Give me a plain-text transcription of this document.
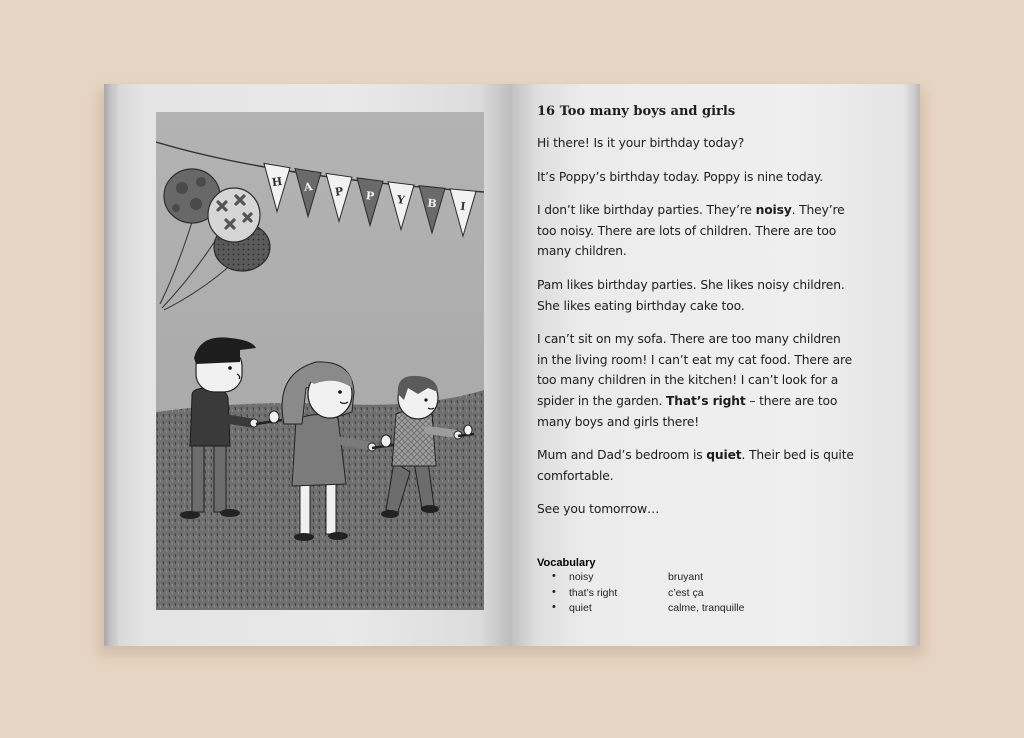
H A P P Y B I
16 Too many boys and girls
Hi there! Is it your birthday today?
It’s Poppy’s birthday today. Poppy is nine today.
I don’t like birthday parties. They’re noisy. They’re too noisy. There are lots of children. There are too many children.
Pam likes birthday parties. She likes noisy children. She likes eating birthday cake too.
I can’t sit on my sofa. There are too many children in the living room! I can’t eat my cat food. There are too many children in the kitchen! I can’t look for a spider in the garden. That’s right – there are too many boys and girls there!
Mum and Dad’s bedroom is quiet. Their bed is quite comfortable.
See you tomorrow…
Vocabulary
• noisy	bruyant
• that’s right	c’est ça
• quiet	calme, tranquille
